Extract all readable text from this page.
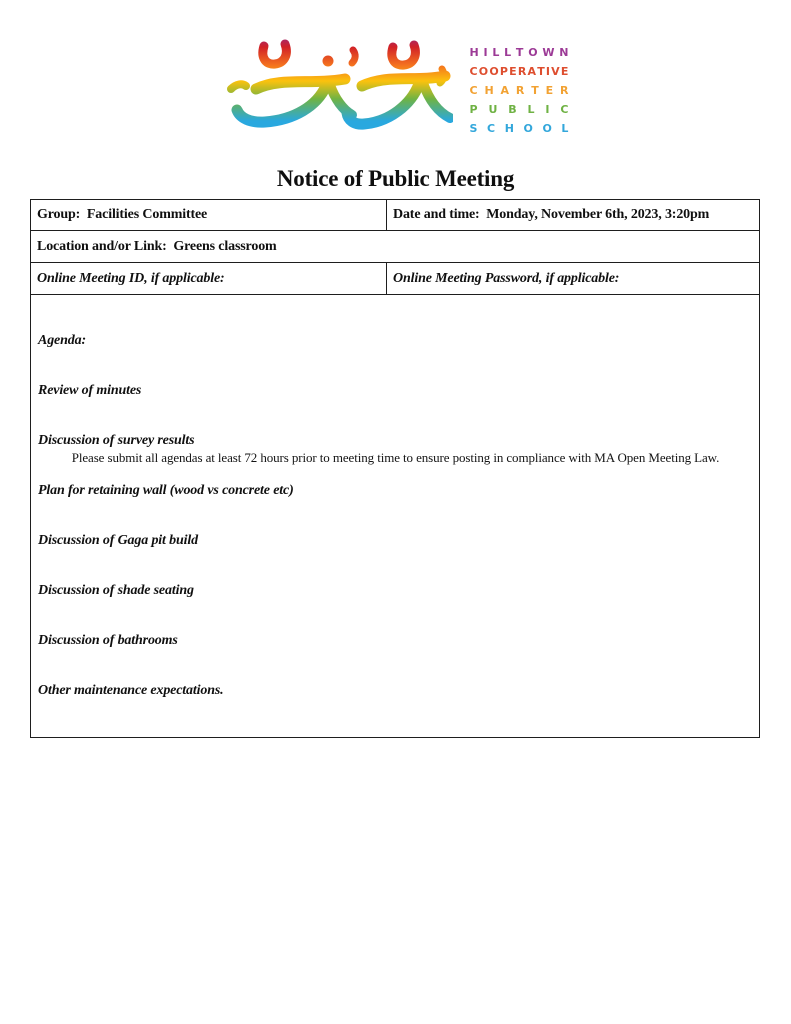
H I L L T O W N
C O O P E R A T I V E
C H A R T E R
P U B L I C
S C H O O L
Notice of Public Meeting
Group:  Facilities Committee	Date and time:  Monday, November 6th, 2023, 3:20pm
Location and/or Link:  Greens classroom	
Online Meeting ID, if applicable:	Online Meeting Password, if applicable:

Agenda:

Review of minutes

Discussion of survey results

Plan for retaining wall (wood vs concrete etc)

Discussion of Gaga pit build

Discussion of shade seating

Discussion of bathrooms

Other maintenance expectations.

Please submit all agendas at least 72 hours prior to meeting time to ensure posting in compliance with MA Open Meeting Law.
